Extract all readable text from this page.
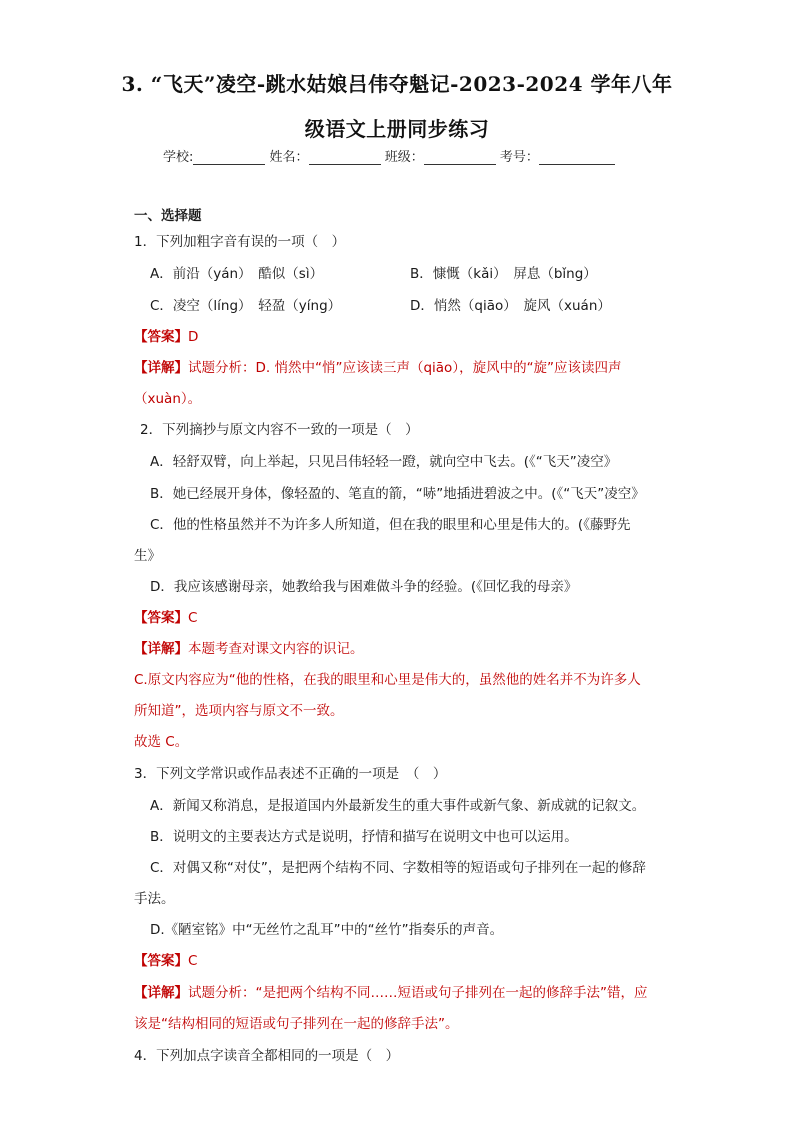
3. “飞天”凌空-跳水姑娘吕伟夺魁记-2023-2024 学年八年
级语文上册同步练习
学校:	姓名：	班级：	考号：
一、选择题
1．下列加粗字音有误的一项（　）
A．前沿（yán）　酷似（sì）	B．慷慨（kǎi）　屏息（bǐng）
C．凌空（líng）　轻盈（yíng）	D．悄然（qiāo）　旋风（xuán）
【答案】D
【详解】试题分析：D. 悄然中“悄”应该读三声（qiāo），旋风中的“旋”应该读四声
（xuàn）。
2．下列摘抄与原文内容不一致的一项是（　）
A．轻舒双臂，向上举起，只见吕伟轻轻一蹬，就向空中飞去。(《“飞天”凌空》
B．她已经展开身体，像轻盈的、笔直的箭，“哧”地插进碧波之中。(《“飞天”凌空》
C．他的性格虽然并不为许多人所知道，但在我的眼里和心里是伟大的。(《藤野先
生》
D．我应该感谢母亲，她教给我与困难做斗争的经验。(《回忆我的母亲》
【答案】C
【详解】本题考查对课文内容的识记。
C.原文内容应为“他的性格，在我的眼里和心里是伟大的，虽然他的姓名并不为许多人
所知道”，选项内容与原文不一致。
故选 C。
3．下列文学常识或作品表述不正确的一项是　（　）
A．新闻又称消息，是报道国内外最新发生的重大事件或新气象、新成就的记叙文。
B．说明文的主要表达方式是说明，抒情和描写在说明文中也可以运用。
C．对偶又称“对仗”，是把两个结构不同、字数相等的短语或句子排列在一起的修辞
手法。
D.《陋室铭》中“无丝竹之乱耳”中的“丝竹”指奏乐的声音。
【答案】C
【详解】试题分析：“是把两个结构不同……短语或句子排列在一起的修辞手法”错，应
该是“结构相同的短语或句子排列在一起的修辞手法”。
4．下列加点字读音全都相同的一项是（　）
